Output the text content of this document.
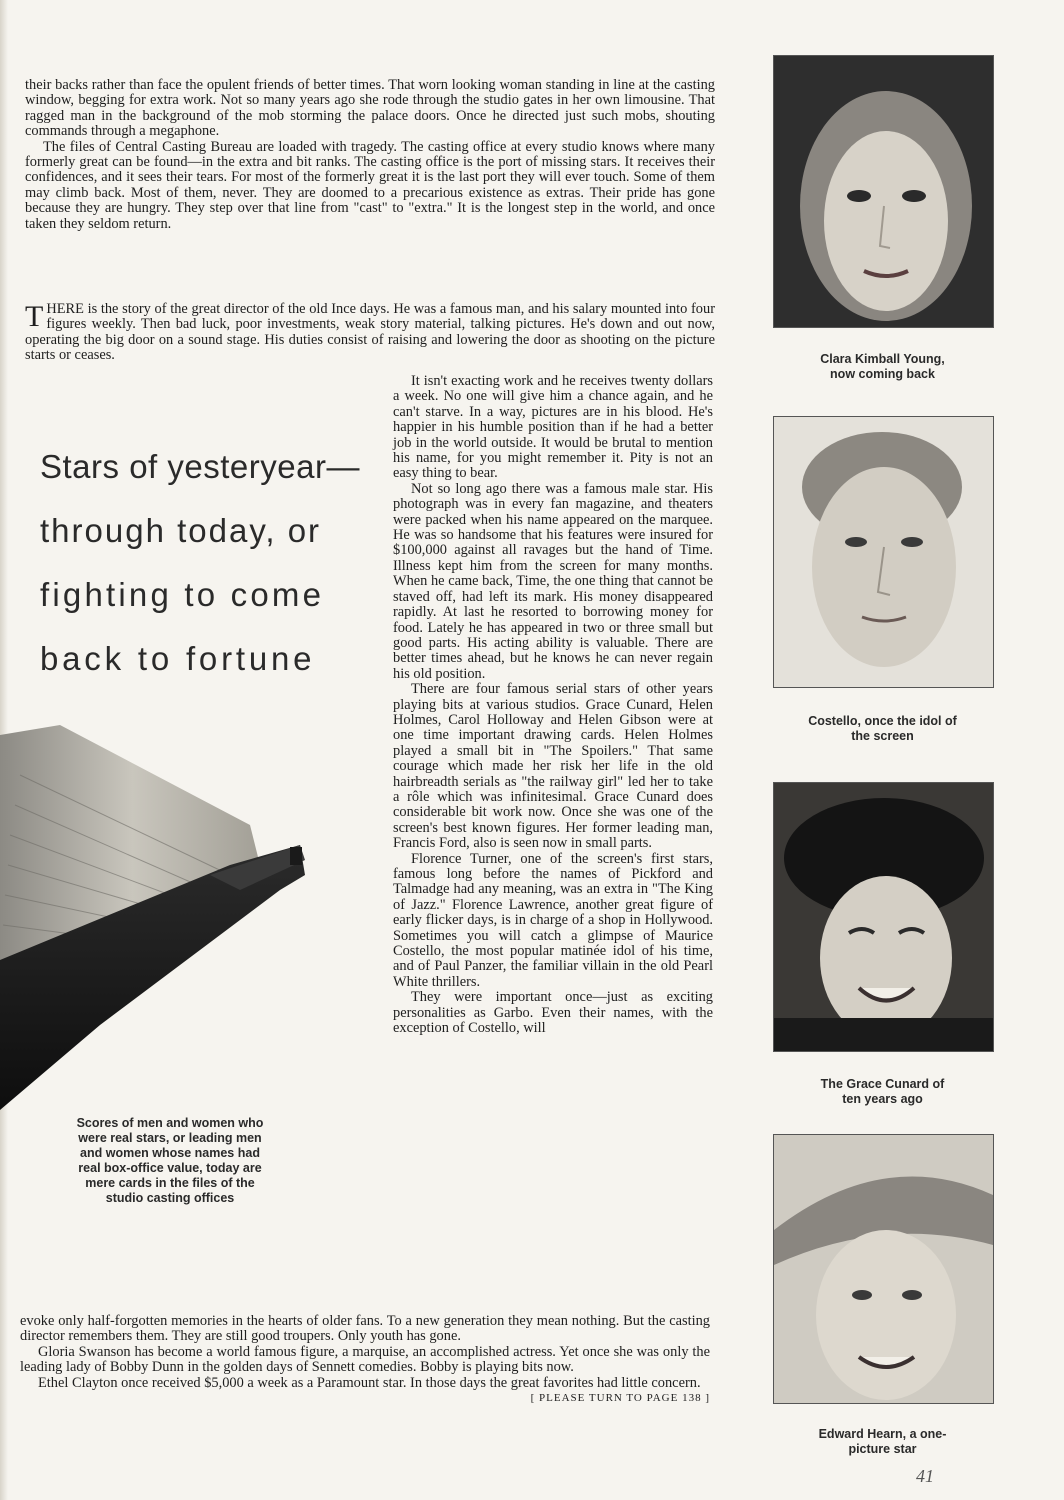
their backs rather than face the opulent friends of better times. That worn looking woman standing in line at the casting window, begging for extra work. Not so many years ago she rode through the studio gates in her own limousine. That ragged man in the background of the mob storming the palace doors. Once he directed just such mobs, shouting commands through a megaphone.

The files of Central Casting Bureau are loaded with tragedy. The casting office at every studio knows where many formerly great can be found—in the extra and bit ranks. The casting office is the port of missing stars. It receives their confidences, and it sees their tears. For most of the formerly great it is the last port they will ever touch. Some of them may climb back. Most of them, never. They are doomed to a precarious existence as extras. Their pride has gone because they are hungry. They step over that line from "cast" to "extra." It is the longest step in the world, and once taken they seldom return.

T HERE is the story of the great director of the old Ince days. He was a famous man, and his salary mounted into four figures weekly. Then bad luck, poor investments, weak story material, talking pictures. He's down and out now, operating the big door on a sound stage. His duties consist of raising and lowering the door as shooting on the picture starts or ceases.

Stars of yesteryear—
through today, or
fighting to come
back to fortune
Scores of men and women who were real stars, or leading men and women whose names had real box-office value, today are mere cards in the files of the studio casting offices

It isn't exacting work and he receives twenty dollars a week. No one will give him a chance again, and he can't starve. In a way, pictures are in his blood. He's happier in his humble position than if he had a better job in the world outside. It would be brutal to mention his name, for you might remember it. Pity is not an easy thing to bear.

Not so long ago there was a famous male star. His photograph was in every fan magazine, and theaters were packed when his name appeared on the marquee. He was so handsome that his features were insured for $100,000 against all ravages but the hand of Time. Illness kept him from the screen for many months. When he came back, Time, the one thing that cannot be staved off, had left its mark. His money disappeared rapidly. At last he resorted to borrowing money for food. Lately he has appeared in two or three small but good parts. His acting ability is valuable. There are better times ahead, but he knows he can never regain his old position.

There are four famous serial stars of other years playing bits at various studios. Grace Cunard, Helen Holmes, Carol Holloway and Helen Gibson were at one time important drawing cards. Helen Holmes played a small bit in "The Spoilers." That same courage which made her risk her life in the old hairbreadth serials as "the railway girl" led her to take a rôle which was infinitesimal. Grace Cunard does considerable bit work now. Once she was one of the screen's best known figures. Her former leading man, Francis Ford, also is seen now in small parts.

Florence Turner, one of the screen's first stars, famous long before the names of Pickford and Talmadge had any meaning, was an extra in "The King of Jazz." Florence Lawrence, another great figure of early flicker days, is in charge of a shop in Hollywood. Sometimes you will catch a glimpse of Maurice Costello, the most popular matinée idol of his time, and of Paul Panzer, the familiar villain in the old Pearl White thrillers.

They were important once—just as exciting personalities as Garbo. Even their names, with the exception of Costello, will

evoke only half-forgotten memories in the hearts of older fans. To a new generation they mean nothing. But the casting director remembers them. They are still good troupers. Only youth has gone.

Gloria Swanson has become a world famous figure, a marquise, an accomplished actress. Yet once she was only the leading lady of Bobby Dunn in the golden days of Sennett comedies. Bobby is playing bits now.

Ethel Clayton once received $5,000 a week as a Paramount star. In those days the great favorites had little concern.
[ PLEASE TURN TO PAGE 138 ]

Clara Kimball Young, now coming back
Costello, once the idol of the screen
The Grace Cunard of ten years ago
Edward Hearn, a one-picture star
41
